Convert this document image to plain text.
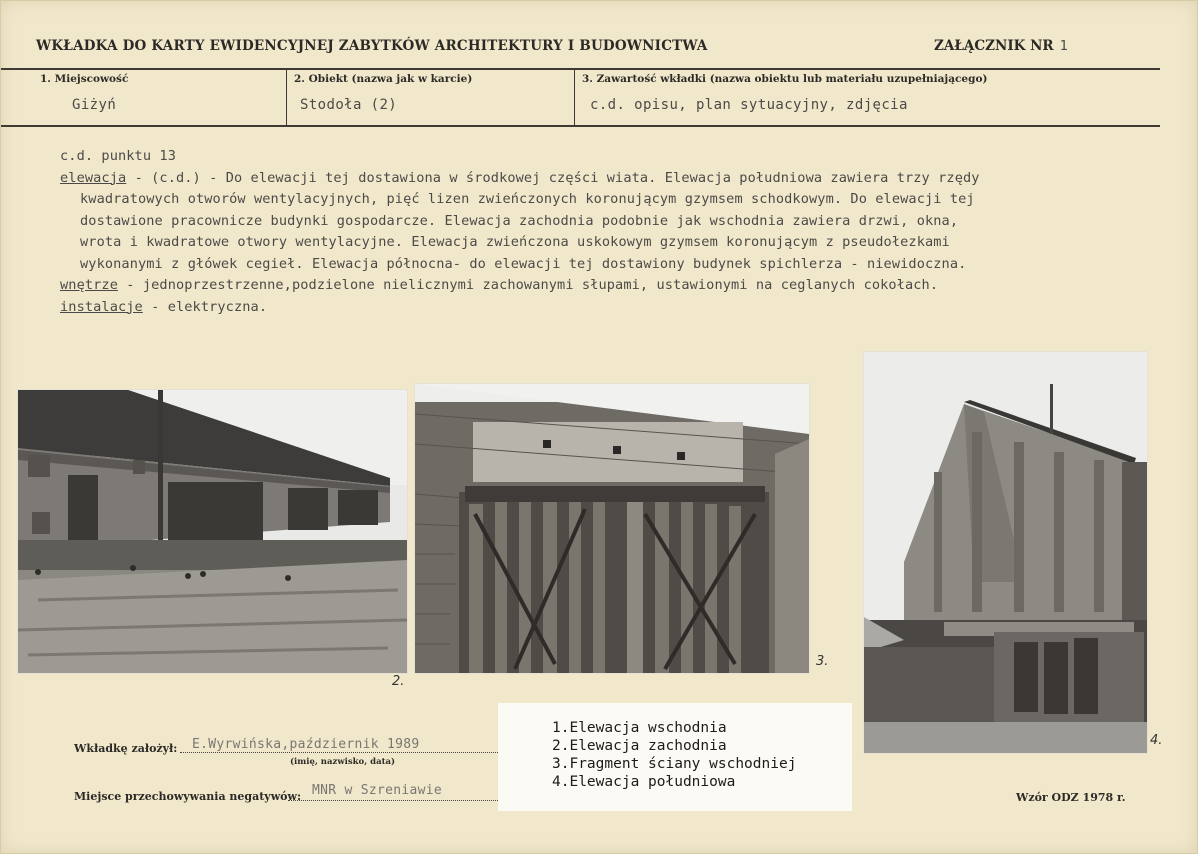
WKŁADKA DO KARTY EWIDENCYJNEJ ZABYTKÓW ARCHITEKTURY I BUDOWNICTWA	ZAŁĄCZNIK NR 1
1. Miejscowość
Giżyń
2. Obiekt (nazwa jak w karcie)
Stodoła (2)
3. Zawartość wkładki (nazwa obiektu lub materiału uzupełniającego)
c.d. opisu, plan sytuacyjny, zdjęcia
c.d. punktu 13
elewacja - (c.d.) - Do elewacji tej dostawiona w środkowej części wiata. Elewacja południowa zawiera trzy rzędy
kwadratowych otworów wentylacyjnych, pięć lizen zwieńczonych koronującym gzymsem schodkowym. Do elewacji tej
dostawione pracownicze budynki gospodarcze. Elewacja zachodnia podobnie jak wschodnia zawiera drzwi, okna,
wrota i kwadratowe otwory wentylacyjne. Elewacja zwieńczona uskokowym gzymsem koronującym z pseudołezkami
wykonanymi z główek cegieł. Elewacja północna- do elewacji tej dostawiony budynek spichlerza - niewidoczna.
wnętrze - jednoprzestrzenne,podzielone nielicznymi zachowanymi słupami, ustawionymi na ceglanych cokołach.
instalacje - elektryczna.
2.
3.
4.
1.Elewacja wschodnia
2.Elewacja zachodnia
3.Fragment ściany wschodniej
4.Elewacja południowa
Wkładkę założył: E.Wyrwińska,październik 1989
(imię, nazwisko, data)
Miejsce przechowywania negatywów: MNR w Szreniawie	Wzór ODZ 1978 r.
